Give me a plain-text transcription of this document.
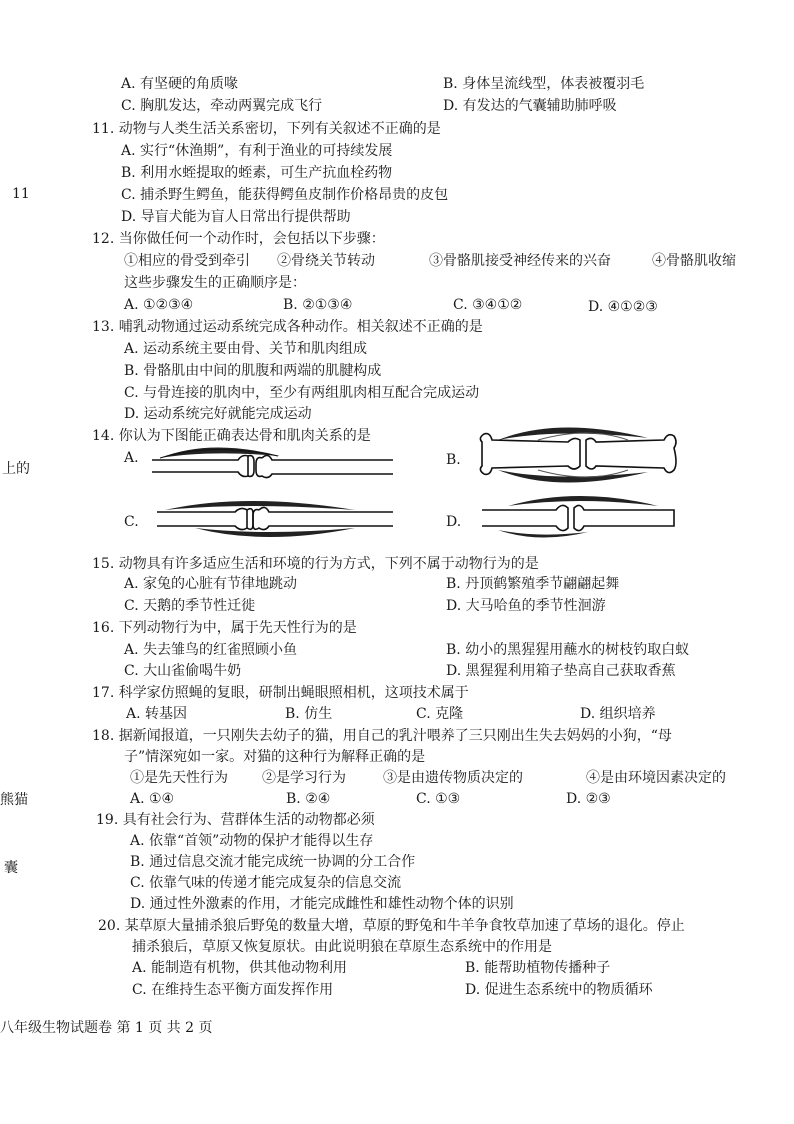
11
上的
熊猫
囊
A. 有坚硬的角质喙	B. 身体呈流线型，体表被覆羽毛
C. 胸肌发达，牵动两翼完成飞行	D. 有发达的气囊辅助肺呼吸
11. 动物与人类生活关系密切，下列有关叙述不正确的是
A. 实行“休渔期”，有利于渔业的可持续发展
B. 利用水蛭提取的蛭素，可生产抗血栓药物
C. 捕杀野生鳄鱼，能获得鳄鱼皮制作价格昂贵的皮包
D. 导盲犬能为盲人日常出行提供帮助
12. 当你做任何一个动作时，会包括以下步骤：
①相应的骨受到牵引 ②骨绕关节转动	③骨骼肌接受神经传来的兴奋	④骨骼肌收缩
这些步骤发生的正确顺序是：
A. ①②③④	B. ②①③④	C. ③④①②	D. ④①②③
13. 哺乳动物通过运动系统完成各种动作。相关叙述不正确的是
A. 运动系统主要由骨、关节和肌肉组成
B. 骨骼肌由中间的肌腹和两端的肌腱构成
C. 与骨连接的肌肉中，至少有两组肌肉相互配合完成运动
D. 运动系统完好就能完成运动
14. 你认为下图能正确表达骨和肌肉关系的是
A.	B.
C.	D.
15. 动物具有许多适应生活和环境的行为方式，下列不属于动物行为的是
A. 家兔的心脏有节律地跳动	B. 丹顶鹤繁殖季节翩翩起舞
C. 天鹅的季节性迁徙	D. 大马哈鱼的季节性洄游
16. 下列动物行为中，属于先天性行为的是
A. 失去雏鸟的红雀照顾小鱼	B. 幼小的黑猩猩用蘸水的树枝钓取白蚁
C. 大山雀偷喝牛奶	D. 黑猩猩利用箱子垫高自己获取香蕉
17. 科学家仿照蝇的复眼，研制出蝇眼照相机，这项技术属于
A. 转基因	B. 仿生	C. 克隆	D. 组织培养
18. 据新闻报道，一只刚失去幼子的猫，用自己的乳汁喂养了三只刚出生失去妈妈的小狗，“母
子”情深宛如一家。对猫的这种行为解释正确的是
①是先天性行为 ②是学习行为	③是由遗传物质决定的	④是由环境因素决定的
A. ①④	B. ②④	C. ①③	D. ②③
19. 具有社会行为、营群体生活的动物都必须
A. 依靠“首领”动物的保护才能得以生存
B. 通过信息交流才能完成统一协调的分工合作
C. 依靠气味的传递才能完成复杂的信息交流
D. 通过性外激素的作用，才能完成雌性和雄性动物个体的识别
20. 某草原大量捕杀狼后野兔的数量大增，草原的野兔和牛羊争食牧草加速了草场的退化。停止
捕杀狼后，草原又恢复原状。由此说明狼在草原生态系统中的作用是
A. 能制造有机物，供其他动物利用	B. 能帮助植物传播种子
C. 在维持生态平衡方面发挥作用	D. 促进生态系统中的物质循环
八年级生物试题卷 第 1 页 共 2 页
